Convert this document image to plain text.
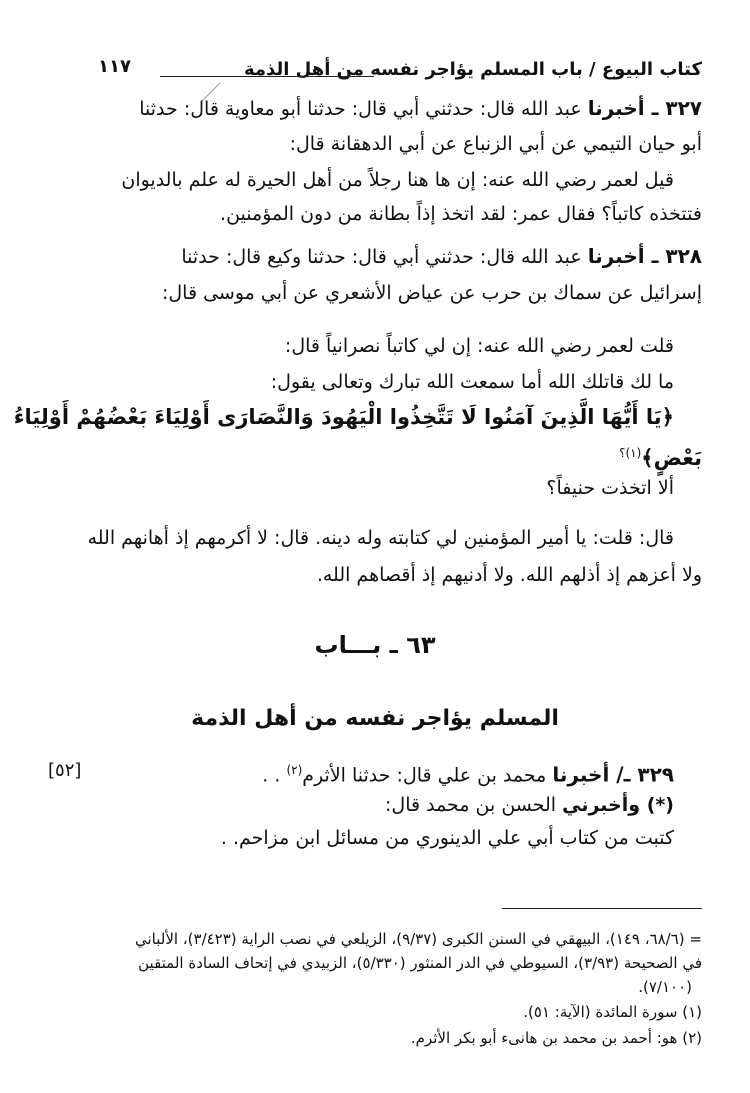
كتاب البيوع / باب المسلم يؤاجر نفسه من أهل الذمة
١١٧
٣٢٧ ـ أخبرنا عبد الله قال: حدثني أبي قال: حدثنا أبو معاوية قال: حدثنا
أبو حيان التيمي عن أبي الزنباع عن أبي الدهقانة قال:
قيل لعمر رضي الله عنه: إن ها هنا رجلاً من أهل الحيرة له علم بالديوان
فتتخذه كاتباً؟ فقال عمر: لقد اتخذ إذاً بطانة من دون المؤمنين.
٣٢٨ ـ أخبرنا عبد الله قال: حدثني أبي قال: حدثنا وكيع قال: حدثنا
إسرائيل عن سماك بن حرب عن عياض الأشعري عن أبي موسى قال:
قلت لعمر رضي الله عنه: إن لي كاتباً نصرانياً قال:
ما لك قاتلك الله أما سمعت الله تبارك وتعالى يقول:
﴿يَا أَيُّهَا الَّذِينَ آمَنُوا لَا تَتَّخِذُوا الْيَهُودَ وَالنَّصَارَى أَوْلِيَاءَ بَعْضُهُمْ أَوْلِيَاءُ
بَعْضٍ﴾$^{(١)؟}$
ألا اتخذت حنيفاً؟
قال: قلت: يا أمير المؤمنين لي كتابته وله دينه. قال: لا أكرمهم إذ أهانهم الله
ولا أعزهم إذ أذلهم الله. ولا أدنيهم إذ أقصاهم الله.
٦٣ ـ بـــاب
المسلم يؤاجر نفسه من أهل الذمة
٣٢٩ ـ/ أخبرنا محمد بن علي قال: حدثنا الأثرم$^{(٢)}$ . .
[٥٢]
(*) وأخبرني الحسن بن محمد قال:
كتبت من كتاب أبي علي الدينوري من مسائل ابن مزاحم. .
= (٦٨/٦، ١٤٩)، البيهقي في السنن الكبرى (٩/٣٧)، الزيلعي في نصب الراية (٣/٤٢٣)، الألباني
في الصحيحة (٣/٩٣)، السيوطي في الدر المنثور (٥/٣٣٠)، الزبيدي في إتحاف السادة المتقين
(٧/١٠٠).
(١) سورة المائدة (الآية: ٥١).
(٢) هو: أحمد بن محمد بن هانىء أبو بكر الأثرم.
